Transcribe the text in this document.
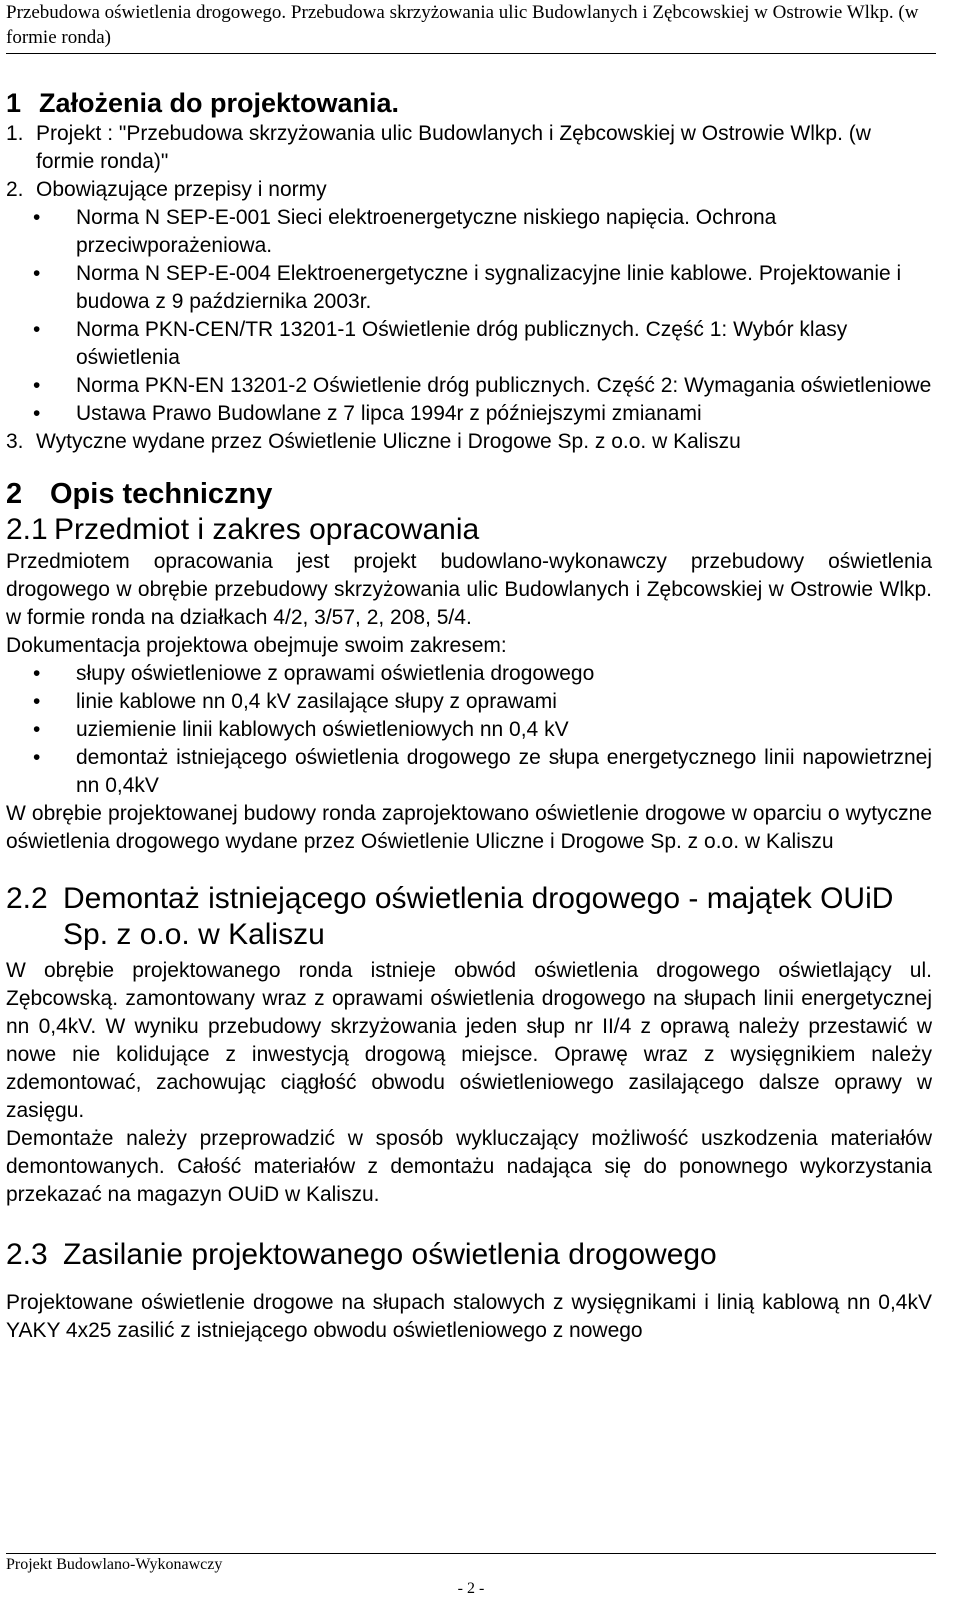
Przebudowa oświetlenia drogowego. Przebudowa skrzyżowania ulic Budowlanych i Zębcowskiej w Ostrowie Wlkp. (w formie ronda)
1 Założenia do projektowania.
1. Projekt : "Przebudowa skrzyżowania ulic Budowlanych i Zębcowskiej w Ostrowie Wlkp. (w formie ronda)"
2. Obowiązujące przepisy i normy
• Norma N SEP-E-001 Sieci elektroenergetyczne niskiego napięcia. Ochrona przeciwporażeniowa.
• Norma N SEP-E-004 Elektroenergetyczne i sygnalizacyjne linie kablowe. Projektowanie i budowa z 9 października 2003r.
• Norma PKN-CEN/TR 13201-1 Oświetlenie dróg publicznych. Część 1: Wybór klasy oświetlenia
• Norma PKN-EN 13201-2 Oświetlenie dróg publicznych. Część 2: Wymagania oświetleniowe
• Ustawa Prawo Budowlane z 7 lipca 1994r z późniejszymi zmianami
3. Wytyczne wydane przez Oświetlenie Uliczne i Drogowe Sp. z o.o. w Kaliszu
2 Opis techniczny
2.1 Przedmiot i zakres opracowania

Przedmiotem opracowania jest projekt budowlano-wykonawczy przebudowy oświetlenia drogowego w obrębie przebudowy skrzyżowania ulic Budowlanych i Zębcowskiej w Ostrowie Wlkp. w formie ronda na działkach 4/2, 3/57, 2, 208, 5/4.

Dokumentacja projektowa obejmuje swoim zakresem:

• słupy oświetleniowe z oprawami oświetlenia drogowego
• linie kablowe nn 0,4 kV zasilające słupy z oprawami
• uziemienie linii kablowych oświetleniowych nn 0,4 kV
• demontaż istniejącego oświetlenia drogowego ze słupa energetycznego linii napowietrznej nn 0,4kV

W obrębie projektowanej budowy ronda zaprojektowano oświetlenie drogowe w oparciu o wytyczne oświetlenia drogowego wydane przez Oświetlenie Uliczne i Drogowe Sp. z o.o. w Kaliszu

2.2 Demontaż istniejącego oświetlenia drogowego - majątek OUiD Sp. z o.o. w Kaliszu

W obrębie projektowanego ronda istnieje obwód oświetlenia drogowego oświetlający ul. Zębcowską. zamontowany wraz z oprawami oświetlenia drogowego na słupach linii energetycznej nn 0,4kV. W wyniku przebudowy skrzyżowania jeden słup nr II/4 z oprawą należy przestawić w nowe nie kolidujące z inwestycją drogową miejsce. Oprawę wraz z wysięgnikiem należy zdemontować, zachowując ciągłość obwodu oświetleniowego zasilającego dalsze oprawy w zasięgu.

Demontaże należy przeprowadzić w sposób wykluczający możliwość uszkodzenia materiałów demontowanych. Całość materiałów z demontażu nadająca się do ponownego wykorzystania przekazać na magazyn OUiD w Kaliszu.

2.3 Zasilanie projektowanego oświetlenia drogowego

Projektowane oświetlenie drogowe na słupach stalowych z wysięgnikami i linią kablową nn 0,4kV YAKY 4x25 zasilić z istniejącego obwodu oświetleniowego z nowego

Projekt Budowlano-Wykonawczy
- 2 -
